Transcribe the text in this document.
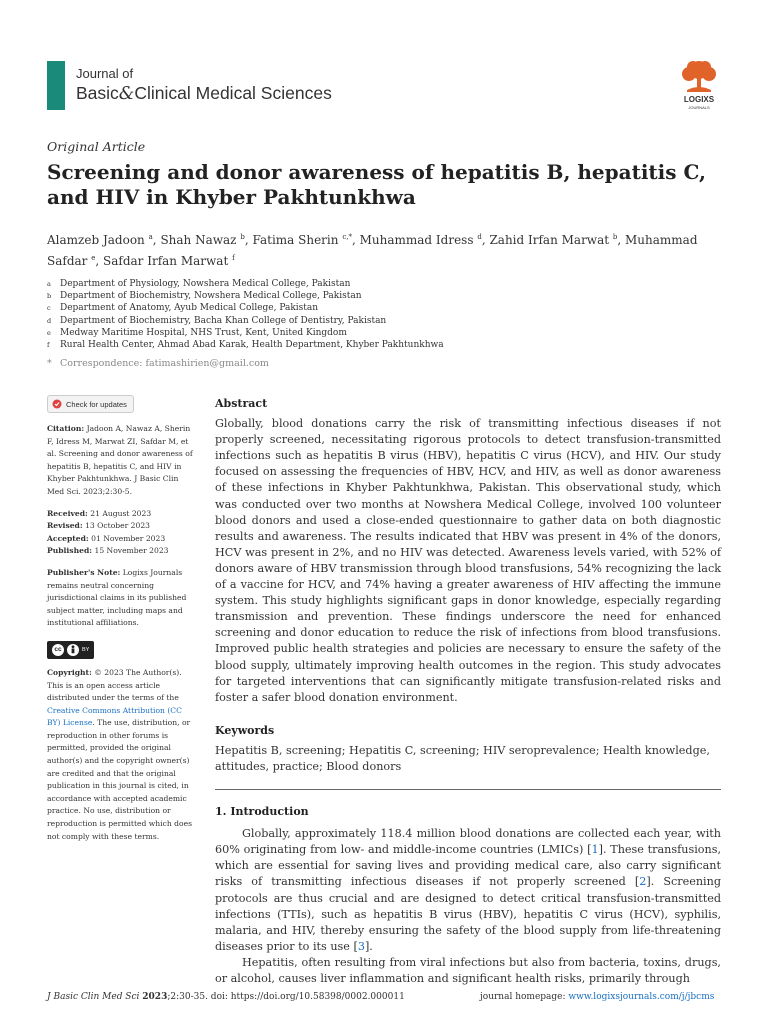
Journal of
Basic&Clinical Medical Sciences	LOGIXS
JOURNALS
Original Article
Screening and donor awareness of hepatitis B, hepatitis C, and HIV in Khyber Pakhtunkhwa
Alamzeb Jadoon $^a$, Shah Nawaz $^b$, Fatima Sherin $^{c,*}$, Muhammad Idress $^d$, Zahid Irfan Marwat $^b$, Muhammad Safdar $^e$, Safdar Irfan Marwat $^f$
a	Department of Physiology, Nowshera Medical College, Pakistan
b Department of Biochemistry, Nowshera Medical College, Pakistan
c	Department of Anatomy, Ayub Medical College, Pakistan
d Department of Biochemistry, Bacha Khan College of Dentistry, Pakistan
e	Medway Maritime Hospital, NHS Trust, Kent, United Kingdom
f	Rural Health Center, Ahmad Abad Karak, Health Department, Khyber Pakhtunkhwa
* Correspondence: fatimashirien@gmail.com
Check for updates

Citation: Jadoon A, Nawaz A, Sherin F, Idress M, Marwat ZI, Safdar M, et al. Screening and donor awareness of hepatitis B, hepatitis C, and HIV in Khyber Pakhtunkhwa. J Basic Clin Med Sci. 2023;2:30-5.

Received: 21 August 2023
Revised: 13 October 2023
Accepted: 01 November 2023
Published: 15 November 2023

Publisher's Note: Logixs Journals remains neutral concerning jurisdictional claims in its published subject matter, including maps and institutional affiliations.

cc	BY

Copyright: © 2023 The Author(s). This is an open access article distributed under the terms of the Creative Commons Attribution (CC BY) License. The use, distribution, or reproduction in other forums is permitted, provided the original author(s) and the copyright owner(s) are credited and that the original publication in this journal is cited, in accordance with accepted academic practice. No use, distribution or reproduction is permitted which does not comply with these terms.

Abstract

Globally, blood donations carry the risk of transmitting infectious diseases if not properly screened, necessitating rigorous protocols to detect transfusion-transmitted infections such as hepatitis B virus (HBV), hepatitis C virus (HCV), and HIV. Our study focused on assessing the frequencies of HBV, HCV, and HIV, as well as donor awareness of these infections in Khyber Pakhtunkhwa, Pakistan. This observational study, which was conducted over two months at Nowshera Medical College, involved 100 volunteer blood donors and used a close-ended questionnaire to gather data on both diagnostic results and awareness. The results indicated that HBV was present in 4% of the donors, HCV was present in 2%, and no HIV was detected. Awareness levels varied, with 52% of donors aware of HBV transmission through blood transfusions, 54% recognizing the lack of a vaccine for HCV, and 74% having a greater awareness of HIV affecting the immune system. This study highlights significant gaps in donor knowledge, especially regarding transmission and prevention. These findings underscore the need for enhanced screening and donor education to reduce the risk of infections from blood transfusions. Improved public health strategies and policies are necessary to ensure the safety of the blood supply, ultimately improving health outcomes in the region. This study advocates for targeted interventions that can significantly mitigate transfusion-related risks and foster a safer blood donation environment.

Keywords

Hepatitis B, screening; Hepatitis C, screening; HIV seroprevalence; Health knowledge, attitudes, practice; Blood donors

1. Introduction

Globally, approximately 118.4 million blood donations are collected each year, with 60% originating from low- and middle-income countries (LMICs) [1]. These transfusions, which are essential for saving lives and providing medical care, also carry significant risks of transmitting infectious diseases if not properly screened [2]. Screening protocols are thus crucial and are designed to detect critical transfusion-transmitted infections (TTIs), such as hepatitis B virus (HBV), hepatitis C virus (HCV), syphilis, malaria, and HIV, thereby ensuring the safety of the blood supply from life-threatening diseases prior to its use [3].

Hepatitis, often resulting from viral infections but also from bacteria, toxins, drugs, or alcohol, causes liver inflammation and significant health risks, primarily through

J Basic Clin Med Sci 2023;2:30-35. doi: https://doi.org/10.58398/0002.000011	journal homepage: www.logixsjournals.com/j/jbcms
